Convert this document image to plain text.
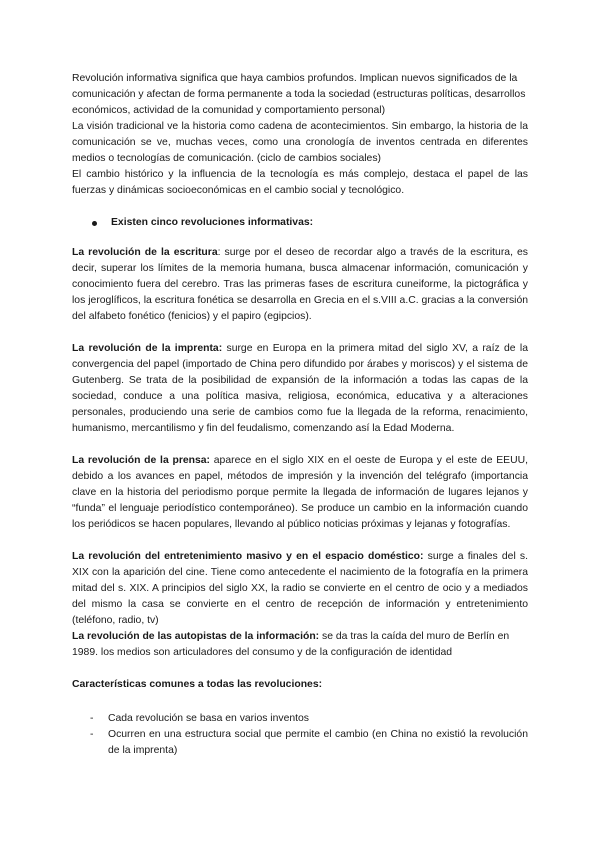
Revolución informativa significa que haya cambios profundos. Implican nuevos significados de la comunicación y afectan de forma permanente a toda la sociedad (estructuras políticas, desarrollos económicos, actividad de la comunidad y comportamiento personal)

La visión tradicional ve la historia como cadena de acontecimientos. Sin embargo, la historia de la comunicación se ve, muchas veces, como una cronología de inventos centrada en diferentes medios o tecnologías de comunicación. (ciclo de cambios sociales)

El cambio histórico y la influencia de la tecnología es más complejo, destaca el papel de las fuerzas y dinámicas socioeconómicas en el cambio social y tecnológico.

Existen cinco revoluciones informativas:

La revolución de la escritura: surge por el deseo de recordar algo a través de la escritura, es decir, superar los límites de la memoria humana, busca almacenar información, comunicación y conocimiento fuera del cerebro. Tras las primeras fases de escritura cuneiforme, la pictográfica y los jeroglíficos, la escritura fonética se desarrolla en Grecia en el s.VIII a.C. gracias a la conversión del alfabeto fonético (fenicios) y el papiro (egipcios).

La revolución de la imprenta: surge en Europa en la primera mitad del siglo XV, a raíz de la convergencia del papel (importado de China pero difundido por árabes y moriscos) y el sistema de Gutenberg. Se trata de la posibilidad de expansión de la información a todas las capas de la sociedad, conduce a una política masiva, religiosa, económica, educativa y a alteraciones personales, produciendo una serie de cambios como fue la llegada de la reforma, renacimiento, humanismo, mercantilismo y fin del feudalismo, comenzando así la Edad Moderna.

La revolución de la prensa: aparece en el siglo XIX en el oeste de Europa y el este de EEUU, debido a los avances en papel, métodos de impresión y la invención del telégrafo (importancia clave en la historia del periodismo porque permite la llegada de información de lugares lejanos y “funda” el lenguaje periodístico contemporáneo). Se produce un cambio en la información cuando los periódicos se hacen populares, llevando al público noticias próximas y lejanas y fotografías.

La revolución del entretenimiento masivo y en el espacio doméstico: surge a finales del s. XIX con la aparición del cine. Tiene como antecedente el nacimiento de la fotografía en la primera mitad del s. XIX. A principios del siglo XX, la radio se convierte en el centro de ocio y a mediados del mismo la casa se convierte en el centro de recepción de información y entretenimiento (teléfono, radio, tv)

La revolución de las autopistas de la información: se da tras la caída del muro de Berlín en 1989. los medios son articuladores del consumo y de la configuración de identidad

Características comunes a todas las revoluciones:

-	Cada revolución se basa en varios inventos
-	Ocurren en una estructura social que permite el cambio (en China no existió la revolución de la imprenta)
